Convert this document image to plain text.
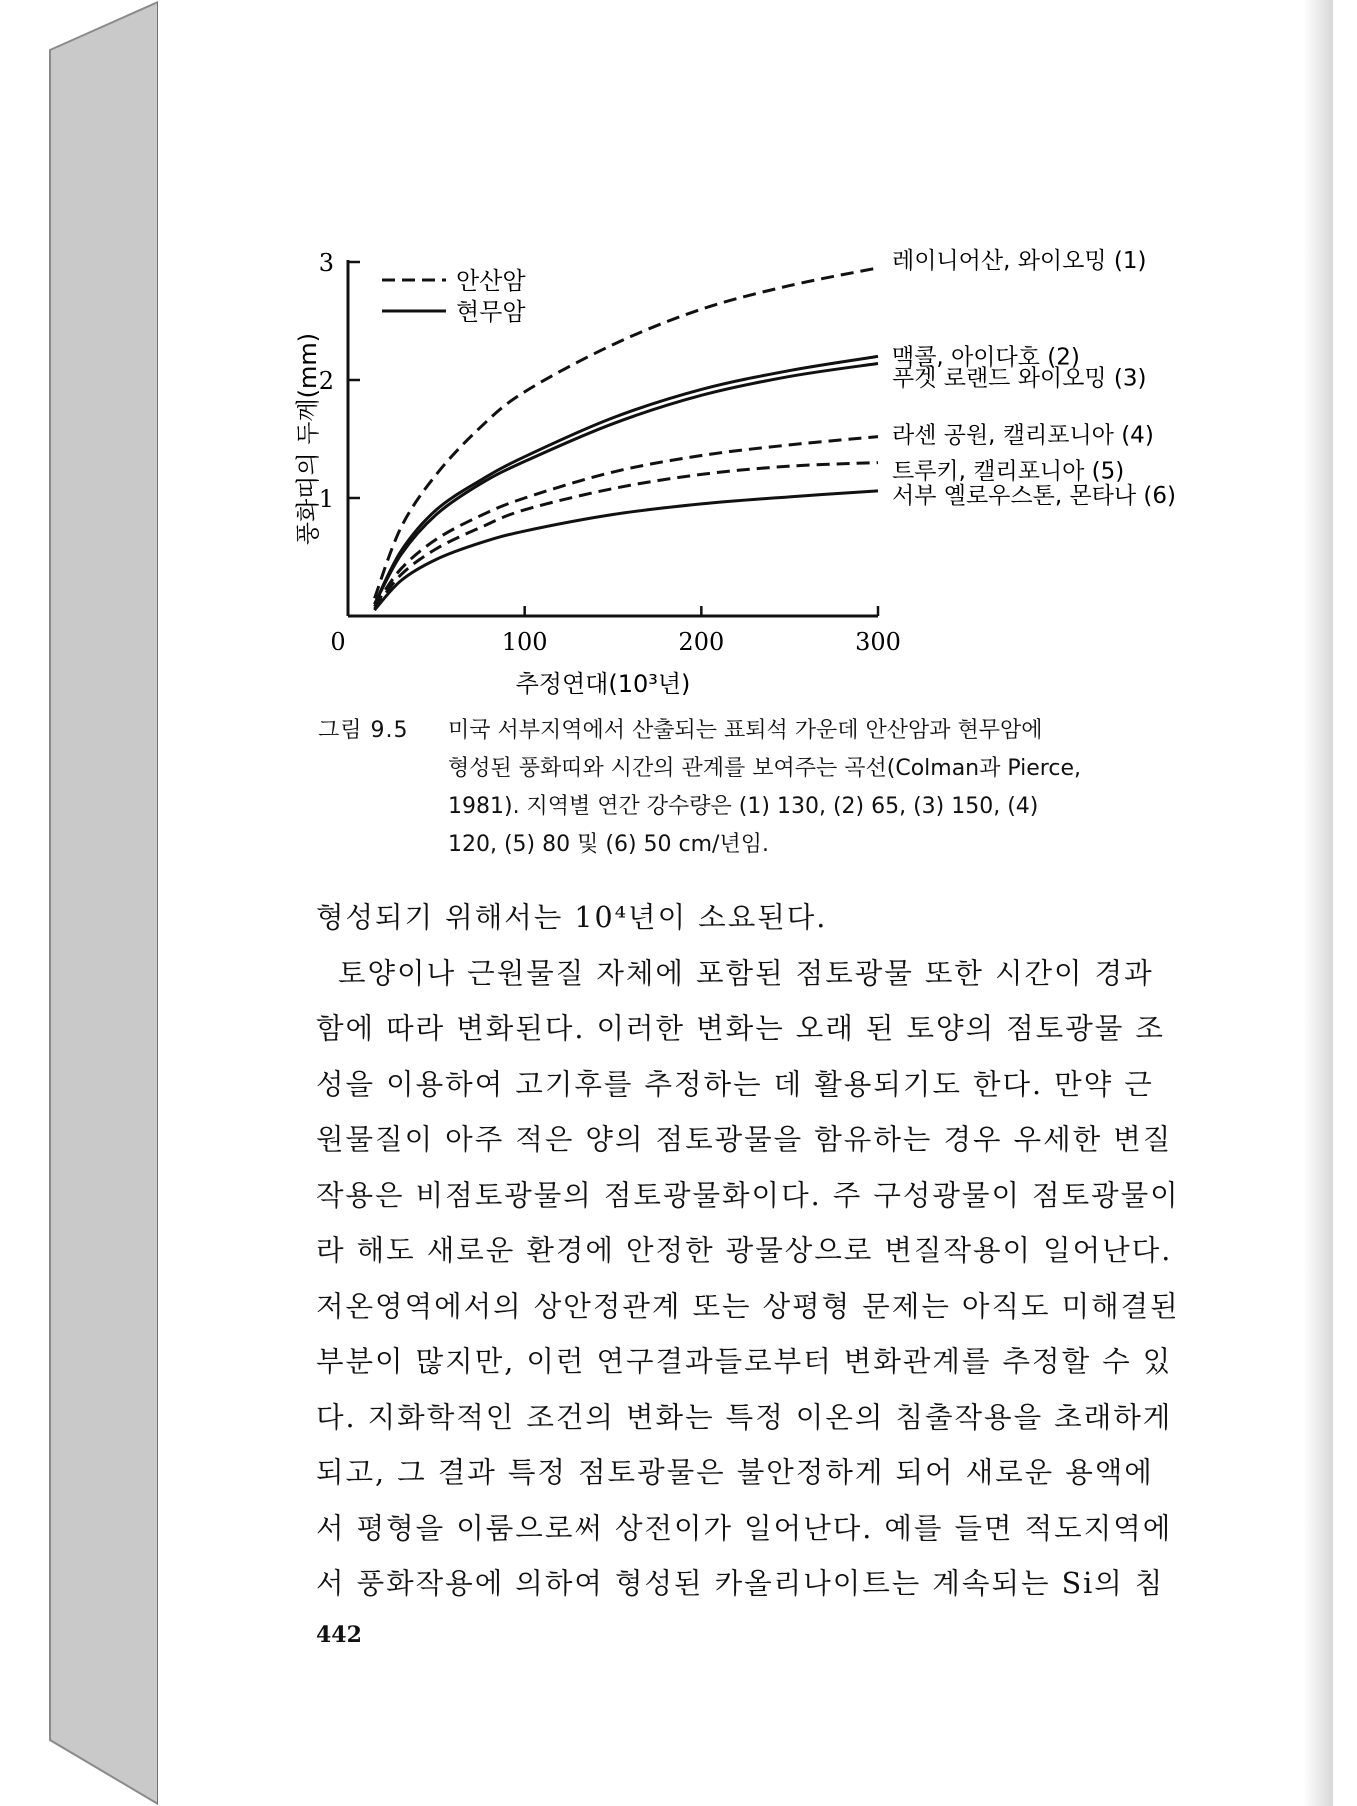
0	100	200	300
1
2
3
추정연대(10³년)
풍화띠의 두께(mm)
안산암
현무암
레이니어산, 와이오밍 (1)
맥콜, 아이다호 (2)
푸겟 로랜드 와이오밍 (3)
라센 공원, 캘리포니아 (4)
트루키, 캘리포니아 (5)
서부 옐로우스톤, 몬타나 (6)
그림 9.5	미국 서부지역에서 산출되는 표퇴석 가운데 안산암과 현무암에
형성된 풍화띠와 시간의 관계를 보여주는 곡선(Colman과 Pierce,
1981). 지역별 연간 강수량은 (1) 130, (2) 65, (3) 150, (4)
120, (5) 80 및 (6) 50 cm/년임.
형성되기 위해서는 10⁴년이 소요된다.
토양이나 근원물질 자체에 포함된 점토광물 또한 시간이 경과
함에 따라 변화된다. 이러한 변화는 오래 된 토양의 점토광물 조
성을 이용하여 고기후를 추정하는 데 활용되기도 한다. 만약 근
원물질이 아주 적은 양의 점토광물을 함유하는 경우 우세한 변질
작용은 비점토광물의 점토광물화이다. 주 구성광물이 점토광물이
라 해도 새로운 환경에 안정한 광물상으로 변질작용이 일어난다.
저온영역에서의 상안정관계 또는 상평형 문제는 아직도 미해결된
부분이 많지만, 이런 연구결과들로부터 변화관계를 추정할 수 있
다. 지화학적인 조건의 변화는 특정 이온의 침출작용을 초래하게
되고, 그 결과 특정 점토광물은 불안정하게 되어 새로운 용액에
서 평형을 이룸으로써 상전이가 일어난다. 예를 들면 적도지역에
서 풍화작용에 의하여 형성된 카올리나이트는 계속되는 Si의 침
442
